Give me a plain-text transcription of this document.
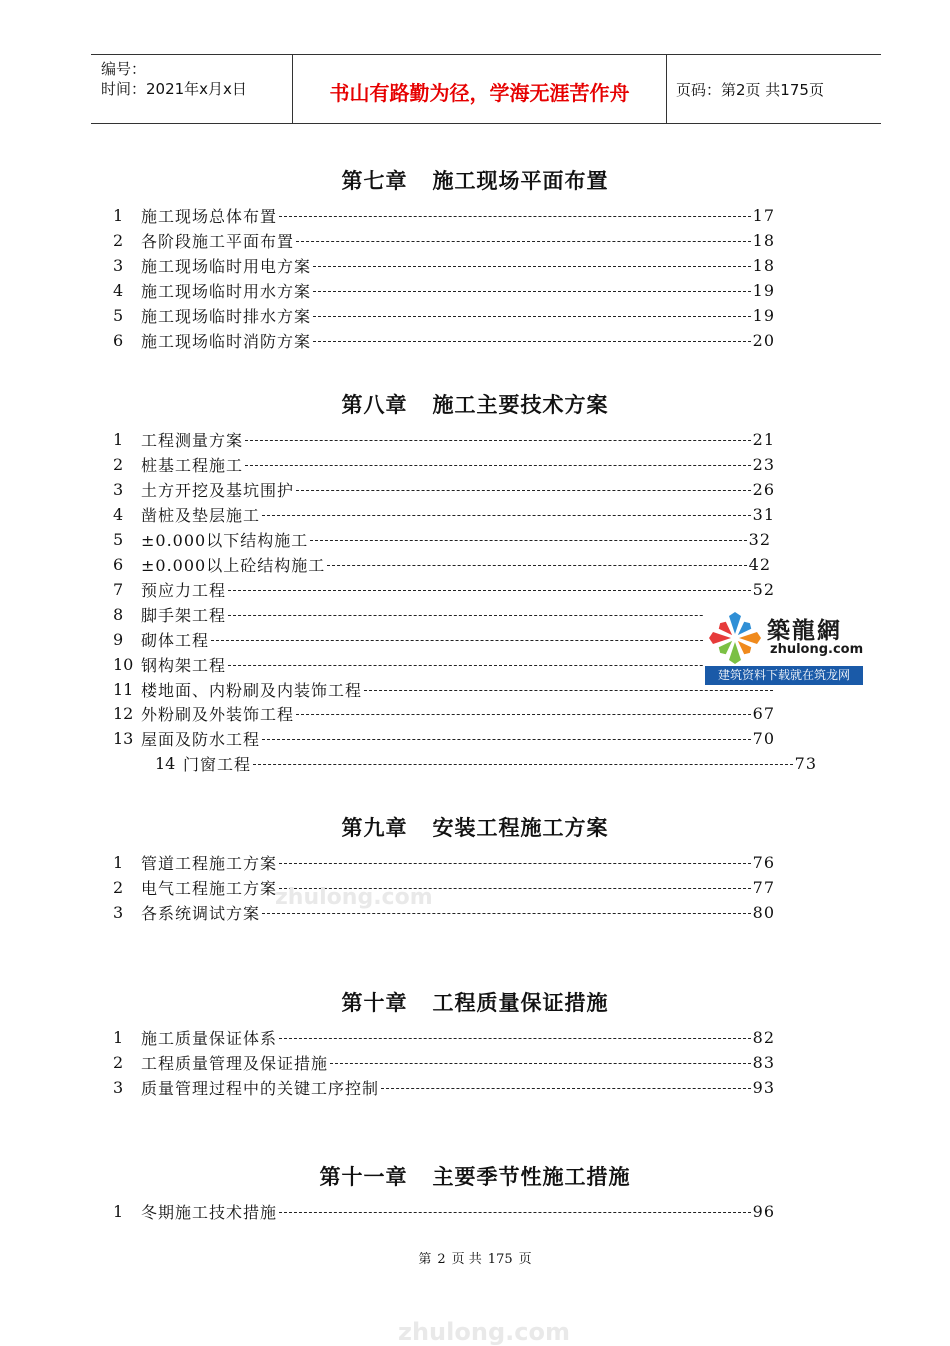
编号：
时间：2021年x月x日	书山有路勤为径，学海无涯苦作舟	页码：第2页 共175页
第七章   施工现场平面布置
1	施工现场总体布置	17
2	各阶段施工平面布置	18
3	施工现场临时用电方案	18
4	施工现场临时用水方案	19
5	施工现场临时排水方案	19
6	施工现场临时消防方案	20
第八章   施工主要技术方案
1	工程测量方案	21
2	桩基工程施工	23
3	土方开挖及基坑围护	26
4	凿桩及垫层施工	31
5	±0.000以下结构施工	32
6	±0.000以上砼结构施工	42
7	预应力工程	52
8	脚手架工程
9	砌体工程
10 钢构架工程
11 楼地面、内粉刷及内装饰工程
12 外粉刷及外装饰工程	67
13 屋面及防水工程	70
14 门窗工程	73
第九章   安装工程施工方案
1	管道工程施工方案	76
2	电气工程施工方案	77
3	各系统调试方案	80
第十章   工程质量保证措施
1	施工质量保证体系	82
2	工程质量管理及保证措施	83
3	质量管理过程中的关键工序控制	93
第十一章   主要季节性施工措施
1	冬期施工技术措施	96
築龍網
zhulong.com
建筑资料下载就在筑龙网
zhulong.com
zhulong.com
第 2 页 共 175 页
